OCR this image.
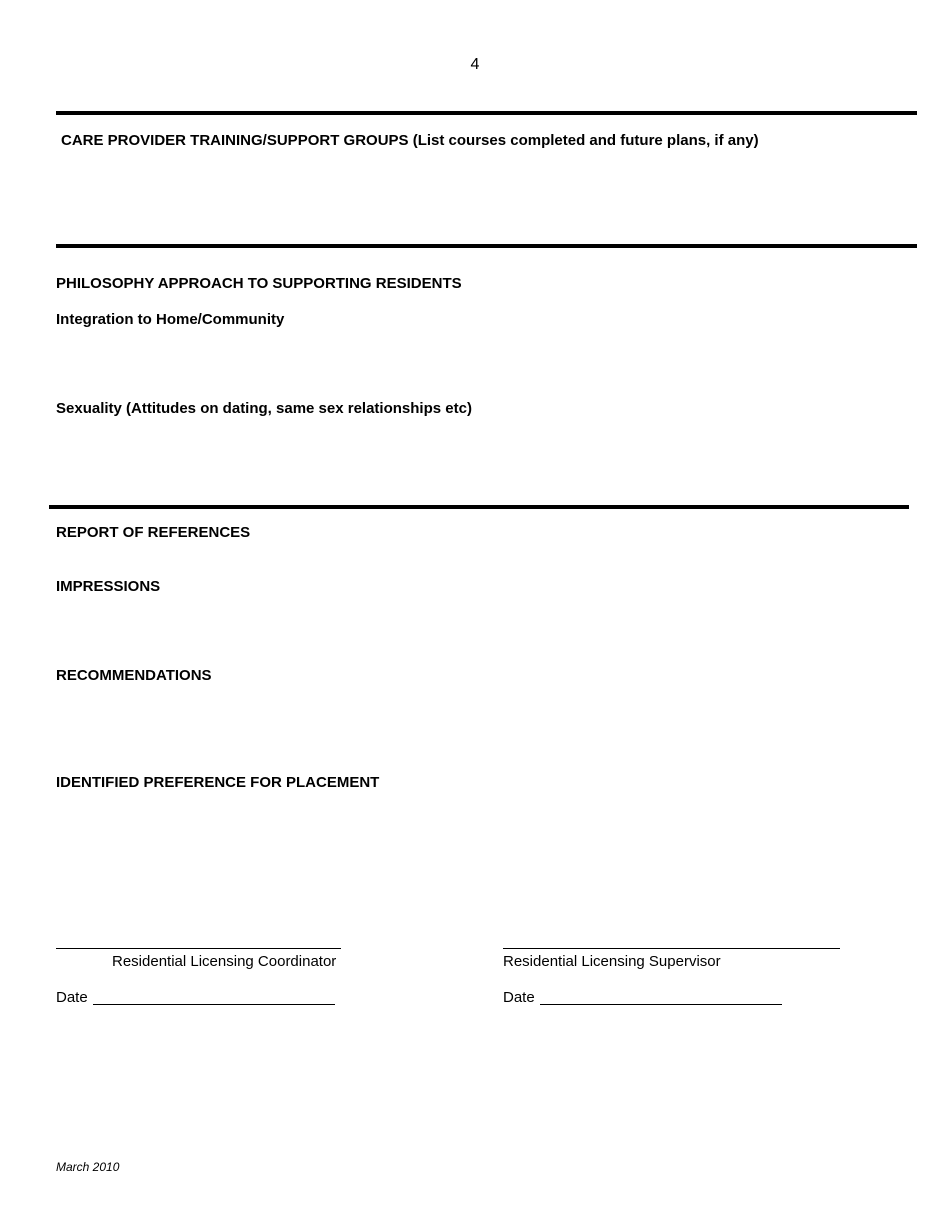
4
CARE PROVIDER TRAINING/SUPPORT GROUPS (List courses completed and future plans, if any)
PHILOSOPHY APPROACH TO SUPPORTING RESIDENTS
Integration to Home/Community
Sexuality (Attitudes on dating, same sex relationships etc)
REPORT OF REFERENCES
IMPRESSIONS
RECOMMENDATIONS
IDENTIFIED PREFERENCE FOR PLACEMENT
Residential Licensing Coordinator
Date
Residential Licensing Supervisor
Date
March 2010
